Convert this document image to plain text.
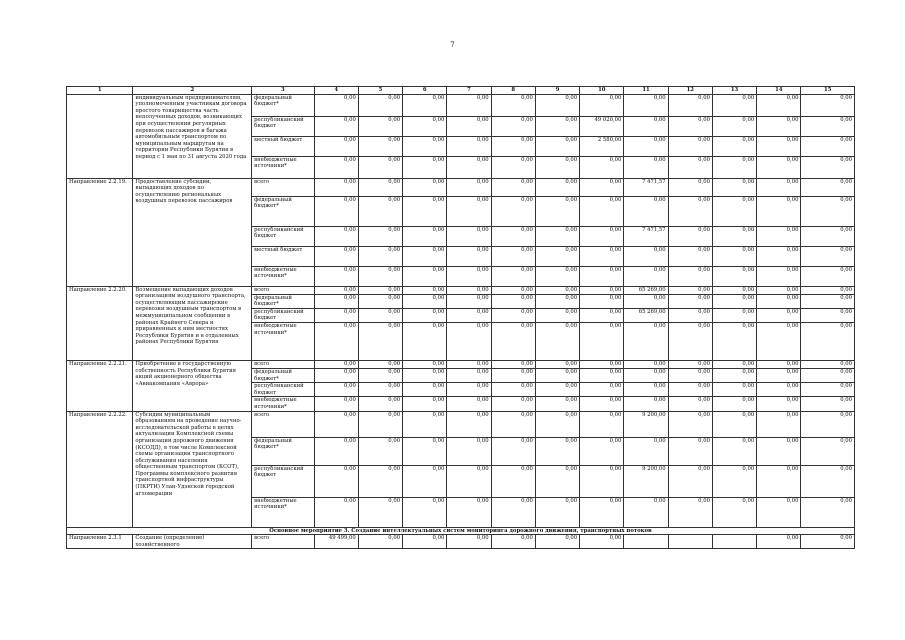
7
1	2	3	4	5	6	7	8	9	10	11	12	13	14	15
	индивидуальным предпринимателям, уполномоченным участникам договора простого товарищества часть неполученных доходов, возникающих при осуществлении регулярных перевозок пассажиров и багажа автомобильным транспортом по муниципальным маршрутам на территории Республики Бурятия в период с 1 мая по 31 августа 2020 года	федеральный бюджет*	0,00	0,00	0,00	0,00	0,00	0,00	0,00	0,00	0,00	0,00	0,00	0,00
		республиканский бюджет	0,00	0,00	0,00	0,00	0,00	0,00	49 020,00	0,00	0,00	0,00	0,00	0,00
		местный бюджет	0,00	0,00	0,00	0,00	0,00	0,00	2 580,00	0,00	0,00	0,00	0,00	0,00
		внебюджетные источники*	0,00	0,00	0,00	0,00	0,00	0,00	0,00	0,00	0,00	0,00	0,00	0,00
Направление 2.2.19.	Предоставление субсидии, выпадающих доходов по осуществлению региональных воздушных перевозок пассажиров	всего	0,00	0,00	0,00	0,00	0,00	0,00	0,00	7 471,57	0,00	0,00	0,00	0,00
		федеральный бюджет*	0,00	0,00	0,00	0,00	0,00	0,00	0,00	0,00	0,00	0,00	0,00	0,00
		республиканский бюджет	0,00	0,00	0,00	0,00	0,00	0,00	0,00	7 471,57	0,00	0,00	0,00	0,00
		местный бюджет	0,00	0,00	0,00	0,00	0,00	0,00	0,00	0,00	0,00	0,00	0,00	0,00
		внебюджетные источники*	0,00	0,00	0,00	0,00	0,00	0,00	0,00	0,00	0,00	0,00	0,00	0,00
Направление 2.2.20.	Возмещение выпадающих доходов организациям воздушного транспорта, осуществляющим пассажирские перевозки воздушным транспортом в межмуниципальном сообщении в районах Крайнего Севера и приравненных к ним местностях Республики Бурятия и в отдаленных районах Республики Бурятия	всего	0,00	0,00	0,00	0,00	0,00	0,00	0,00	65 269,00	0,00	0,00	0,00	0,00
		федеральный бюджет*	0,00	0,00	0,00	0,00	0,00	0,00	0,00	0,00	0,00	0,00	0,00	0,00
		республиканский бюджет	0,00	0,00	0,00	0,00	0,00	0,00	0,00	65 269,00	0,00	0,00	0,00	0,00
		внебюджетные источники*	0,00	0,00	0,00	0,00	0,00	0,00	0,00	0,00	0,00	0,00	0,00	0,00
Направление 2.2.21.	Приобретение в государственную собственность Республики Бурятия акций акционерного общества «Авиакомпания «Аврора»	всего	0,00	0,00	0,00	0,00	0,00	0,00	0,00	0,00	0,00	0,00	0,00	0,00
		федеральный бюджет*	0,00	0,00	0,00	0,00	0,00	0,00	0,00	0,00	0,00	0,00	0,00	0,00
		республиканский бюджет	0,00	0,00	0,00	0,00	0,00	0,00	0,00	0,00	0,00	0,00	0,00	0,00
		внебюджетные источники*	0,00	0,00	0,00	0,00	0,00	0,00	0,00	0,00	0,00	0,00	0,00	0,00
Направление 2.2.22.	Субсидии муниципальным образованиям на проведение научно-исследовательской работы в целях актуализации Комплексной схемы организации дорожного движения (КСОДД), в том числе Комплексной схемы организации транспортного обслуживания населения общественным транспортом (КСОТ), Программы комплексного развития транспортной инфраструктуры (ПКРТИ) Улан-Удэнской городской агломерации	всего	0,00	0,00	0,00	0,00	0,00	0,00	0,00	9 200,00	0,00	0,00	0,00	0,00
		федеральный бюджет*	0,00	0,00	0,00	0,00	0,00	0,00	0,00	0,00	0,00	0,00	0,00	0,00
		республиканский бюджет	0,00	0,00	0,00	0,00	0,00	0,00	0,00	9 200,00	0,00	0,00	0,00	0,00
		внебюджетные источники*	0,00	0,00	0,00	0,00	0,00	0,00	0,00	0,00	0,00	0,00	0,00	0,00
Основное мероприятие 3. Создание интеллектуальных систем мониторинга дорожного движения, транспортных потоков														
Направление 2.3.1	Создание (определение) хозяйственного	всего	49 499,00	0,00	0,00	0,00	0,00	0,00	0,00				0,00	0,00
